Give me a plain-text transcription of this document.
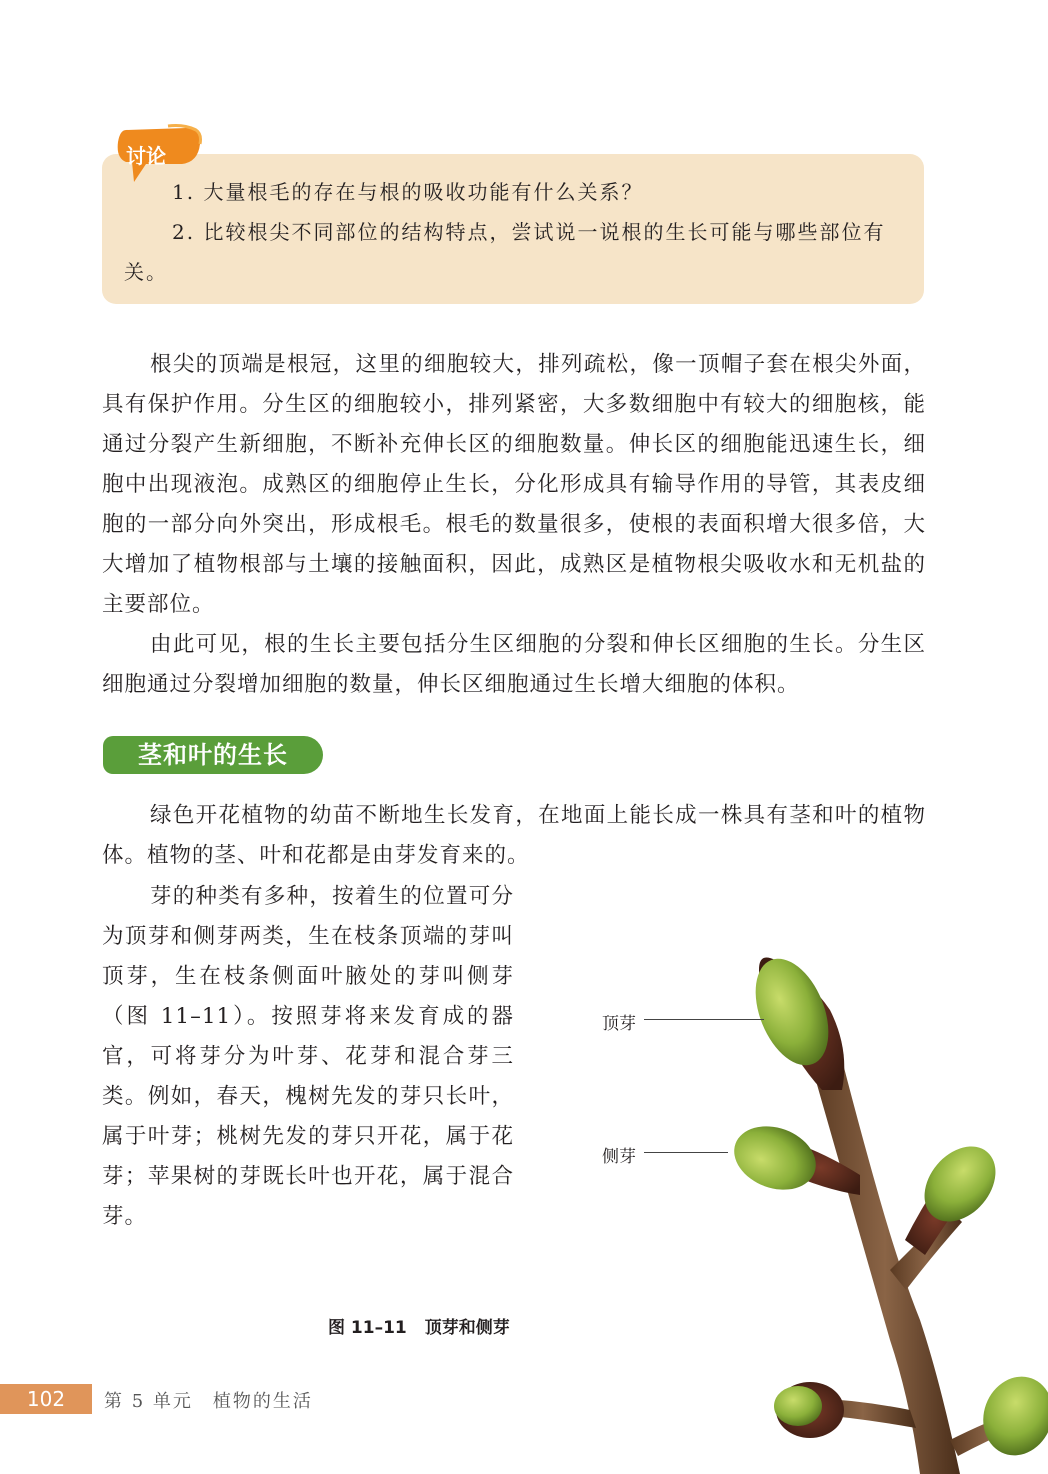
1. 大量根毛的存在与根的吸收功能有什么关系？
2. 比较根尖不同部位的结构特点，尝试说一说根的生长可能与哪些部位有关。
讨论
根尖的顶端是根冠，这里的细胞较大，排列疏松，像一顶帽子套在根尖外面，具有保护作用。分生区的细胞较小，排列紧密，大多数细胞中有较大的细胞核，能通过分裂产生新细胞，不断补充伸长区的细胞数量。伸长区的细胞能迅速生长，细胞中出现液泡。成熟区的细胞停止生长，分化形成具有输导作用的导管，其表皮细胞的一部分向外突出，形成根毛。根毛的数量很多，使根的表面积增大很多倍，大大增加了植物根部与土壤的接触面积，因此，成熟区是植物根尖吸收水和无机盐的主要部位。
由此可见，根的生长主要包括分生区细胞的分裂和伸长区细胞的生长。分生区细胞通过分裂增加细胞的数量，伸长区细胞通过生长增大细胞的体积。
茎和叶的生长
绿色开花植物的幼苗不断地生长发育，在地面上能长成一株具有茎和叶的植物体。植物的茎、叶和花都是由芽发育来的。
芽的种类有多种，按着生的位置可分为顶芽和侧芽两类，生在枝条顶端的芽叫顶芽，生在枝条侧面叶腋处的芽叫侧芽（图 11–11）。按照芽将来发育成的器官，可将芽分为叶芽、花芽和混合芽三类。例如，春天，槐树先发的芽只长叶，属于叶芽；桃树先发的芽只开花，属于花芽；苹果树的芽既长叶也开花，属于混合芽。
顶芽
侧芽
图 11–11 顶芽和侧芽
102	第 5 单元　植物的生活
